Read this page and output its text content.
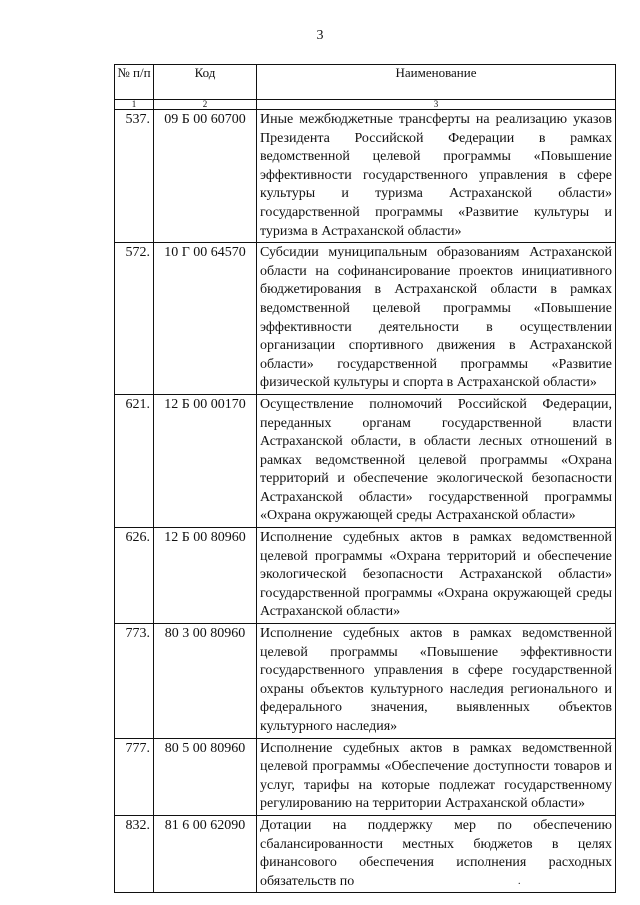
3
№ п/п	Код	Наименование
1	2	3
537.	09 Б 00 60700	Иные межбюджетные трансферты на реализацию указов Президента Российской Федерации в рамках ведомственной целевой программы «Повышение эффективности государственного управления в сфере культуры и туризма Астраханской области» государственной программы «Развитие культуры и туризма в Астраханской области»
572.	10 Г 00 64570	Субсидии муниципальным образованиям Астраханской области на софинансирование проектов инициативного бюджетирования в Астраханской области в рамках ведомственной целевой программы «Повышение эффективности деятельности в осуществлении организации спортивного движения в Астраханской области» государственной программы «Развитие физической культуры и спорта в Астраханской области»
621.	12 Б 00 00170	Осуществление полномочий Российской Федерации, переданных органам государственной власти Астраханской области, в области лесных отношений в рамках ведомственной целевой программы «Охрана территорий и обеспечение экологической безопасности Астраханской области» государственной программы «Охрана окружающей среды Астраханской области»
626.	12 Б 00 80960	Исполнение судебных актов в рамках ведомственной целевой программы «Охрана территорий и обеспечение экологической безопасности Астраханской области» государственной программы «Охрана окружающей среды Астраханской области»
773.	80 3 00 80960	Исполнение судебных актов в рамках ведомственной целевой программы «Повышение эффективности государственного управления в сфере государственной охраны объектов культурного наследия регионального и федерального значения, выявленных объектов культурного наследия»
777.	80 5 00 80960	Исполнение судебных актов в рамках ведомственной целевой программы «Обеспечение доступности товаров и услуг, тарифы на которые подлежат государственному регулированию на территории Астраханской области»
832.	81 6 00 62090	Дотации на поддержку мер по обеспечению сбалансированности местных бюджетов в целях финансового обеспечения исполнения расходных обязательств по	.
